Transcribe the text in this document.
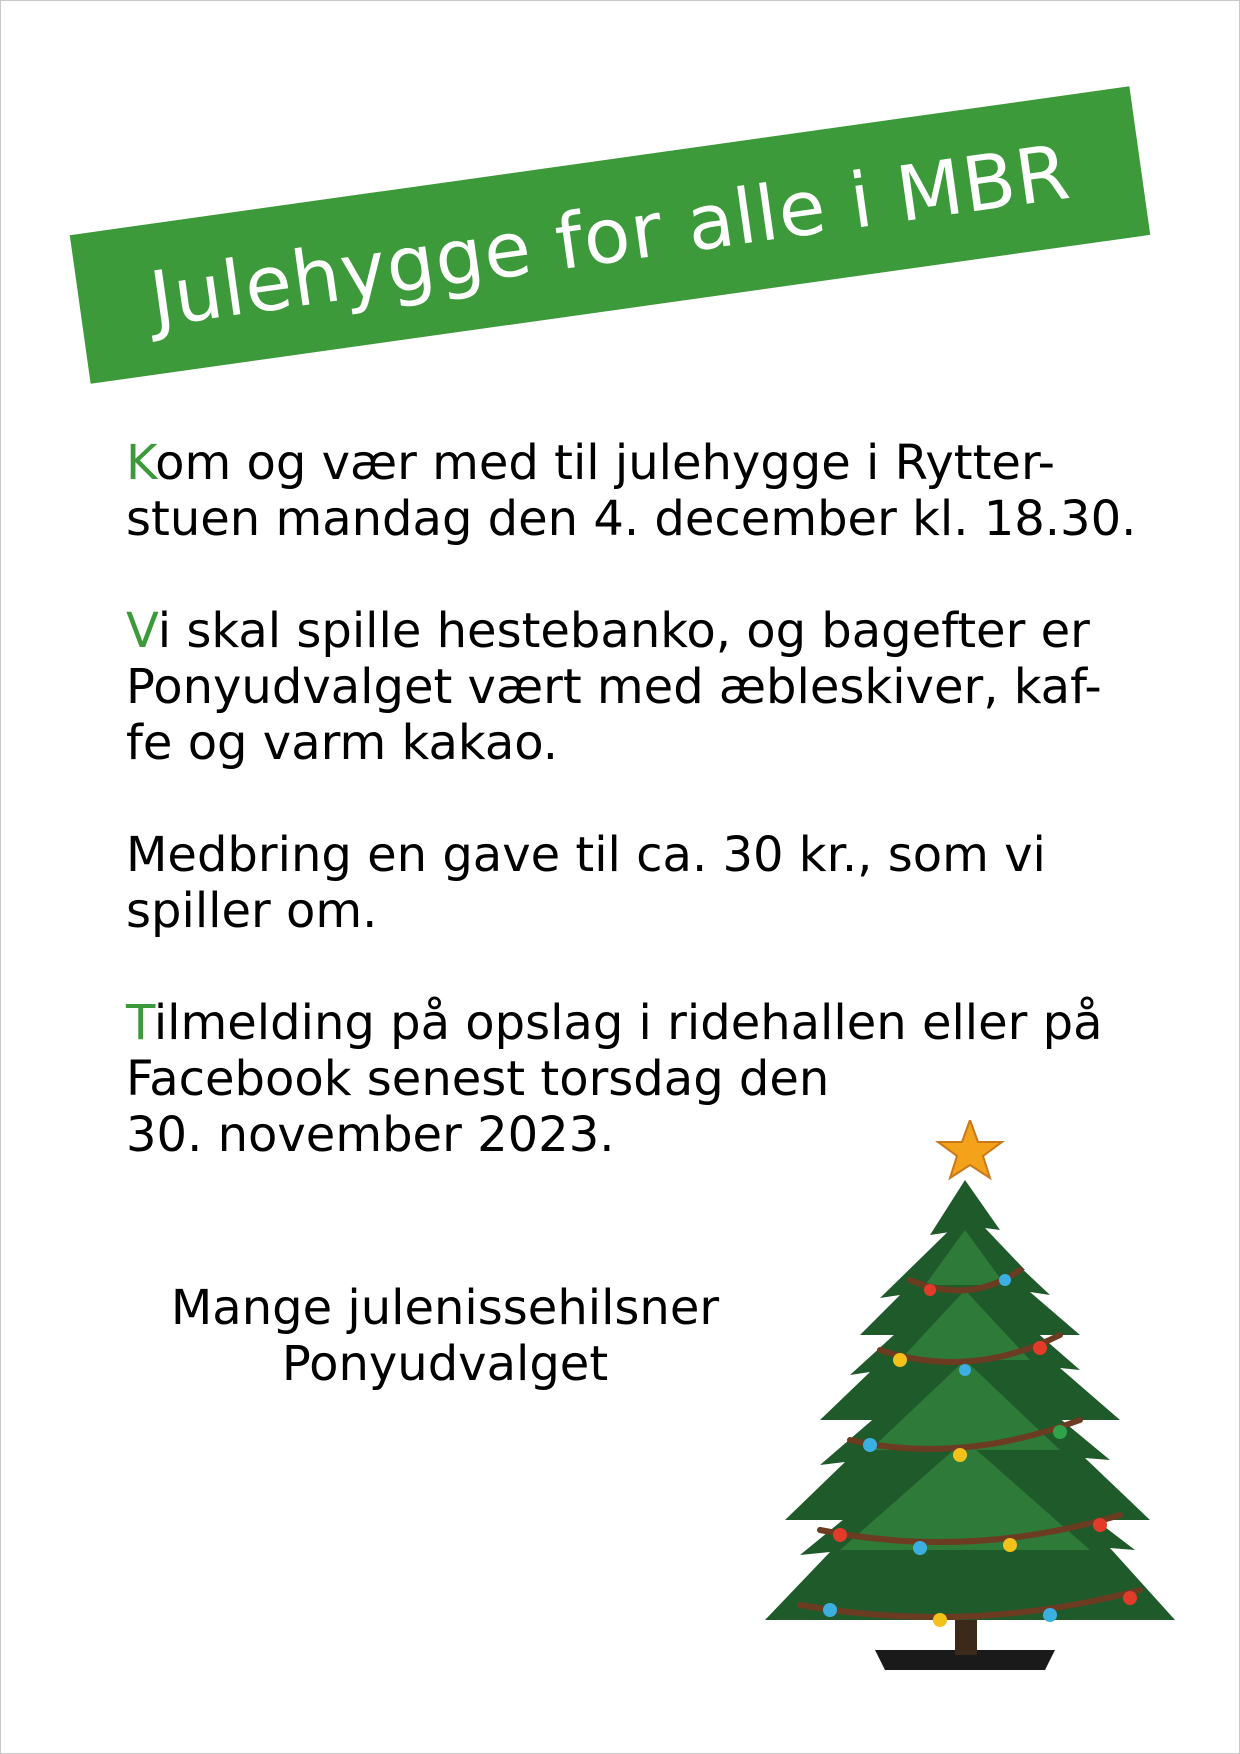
Julehygge for alle i MBR

Kom og vær med til julehygge i Rytter-
stuen mandag den 4. december kl. 18.30.

Vi skal spille hestebanko, og bagefter er
Ponyudvalget vært med æbleskiver, kaf-
fe og varm kakao.

Medbring en gave til ca. 30 kr., som vi
spiller om.

Tilmelding på opslag i ridehallen eller på
Facebook senest torsdag den
30. november 2023.

Mange julenissehilsner
Ponyudvalget
